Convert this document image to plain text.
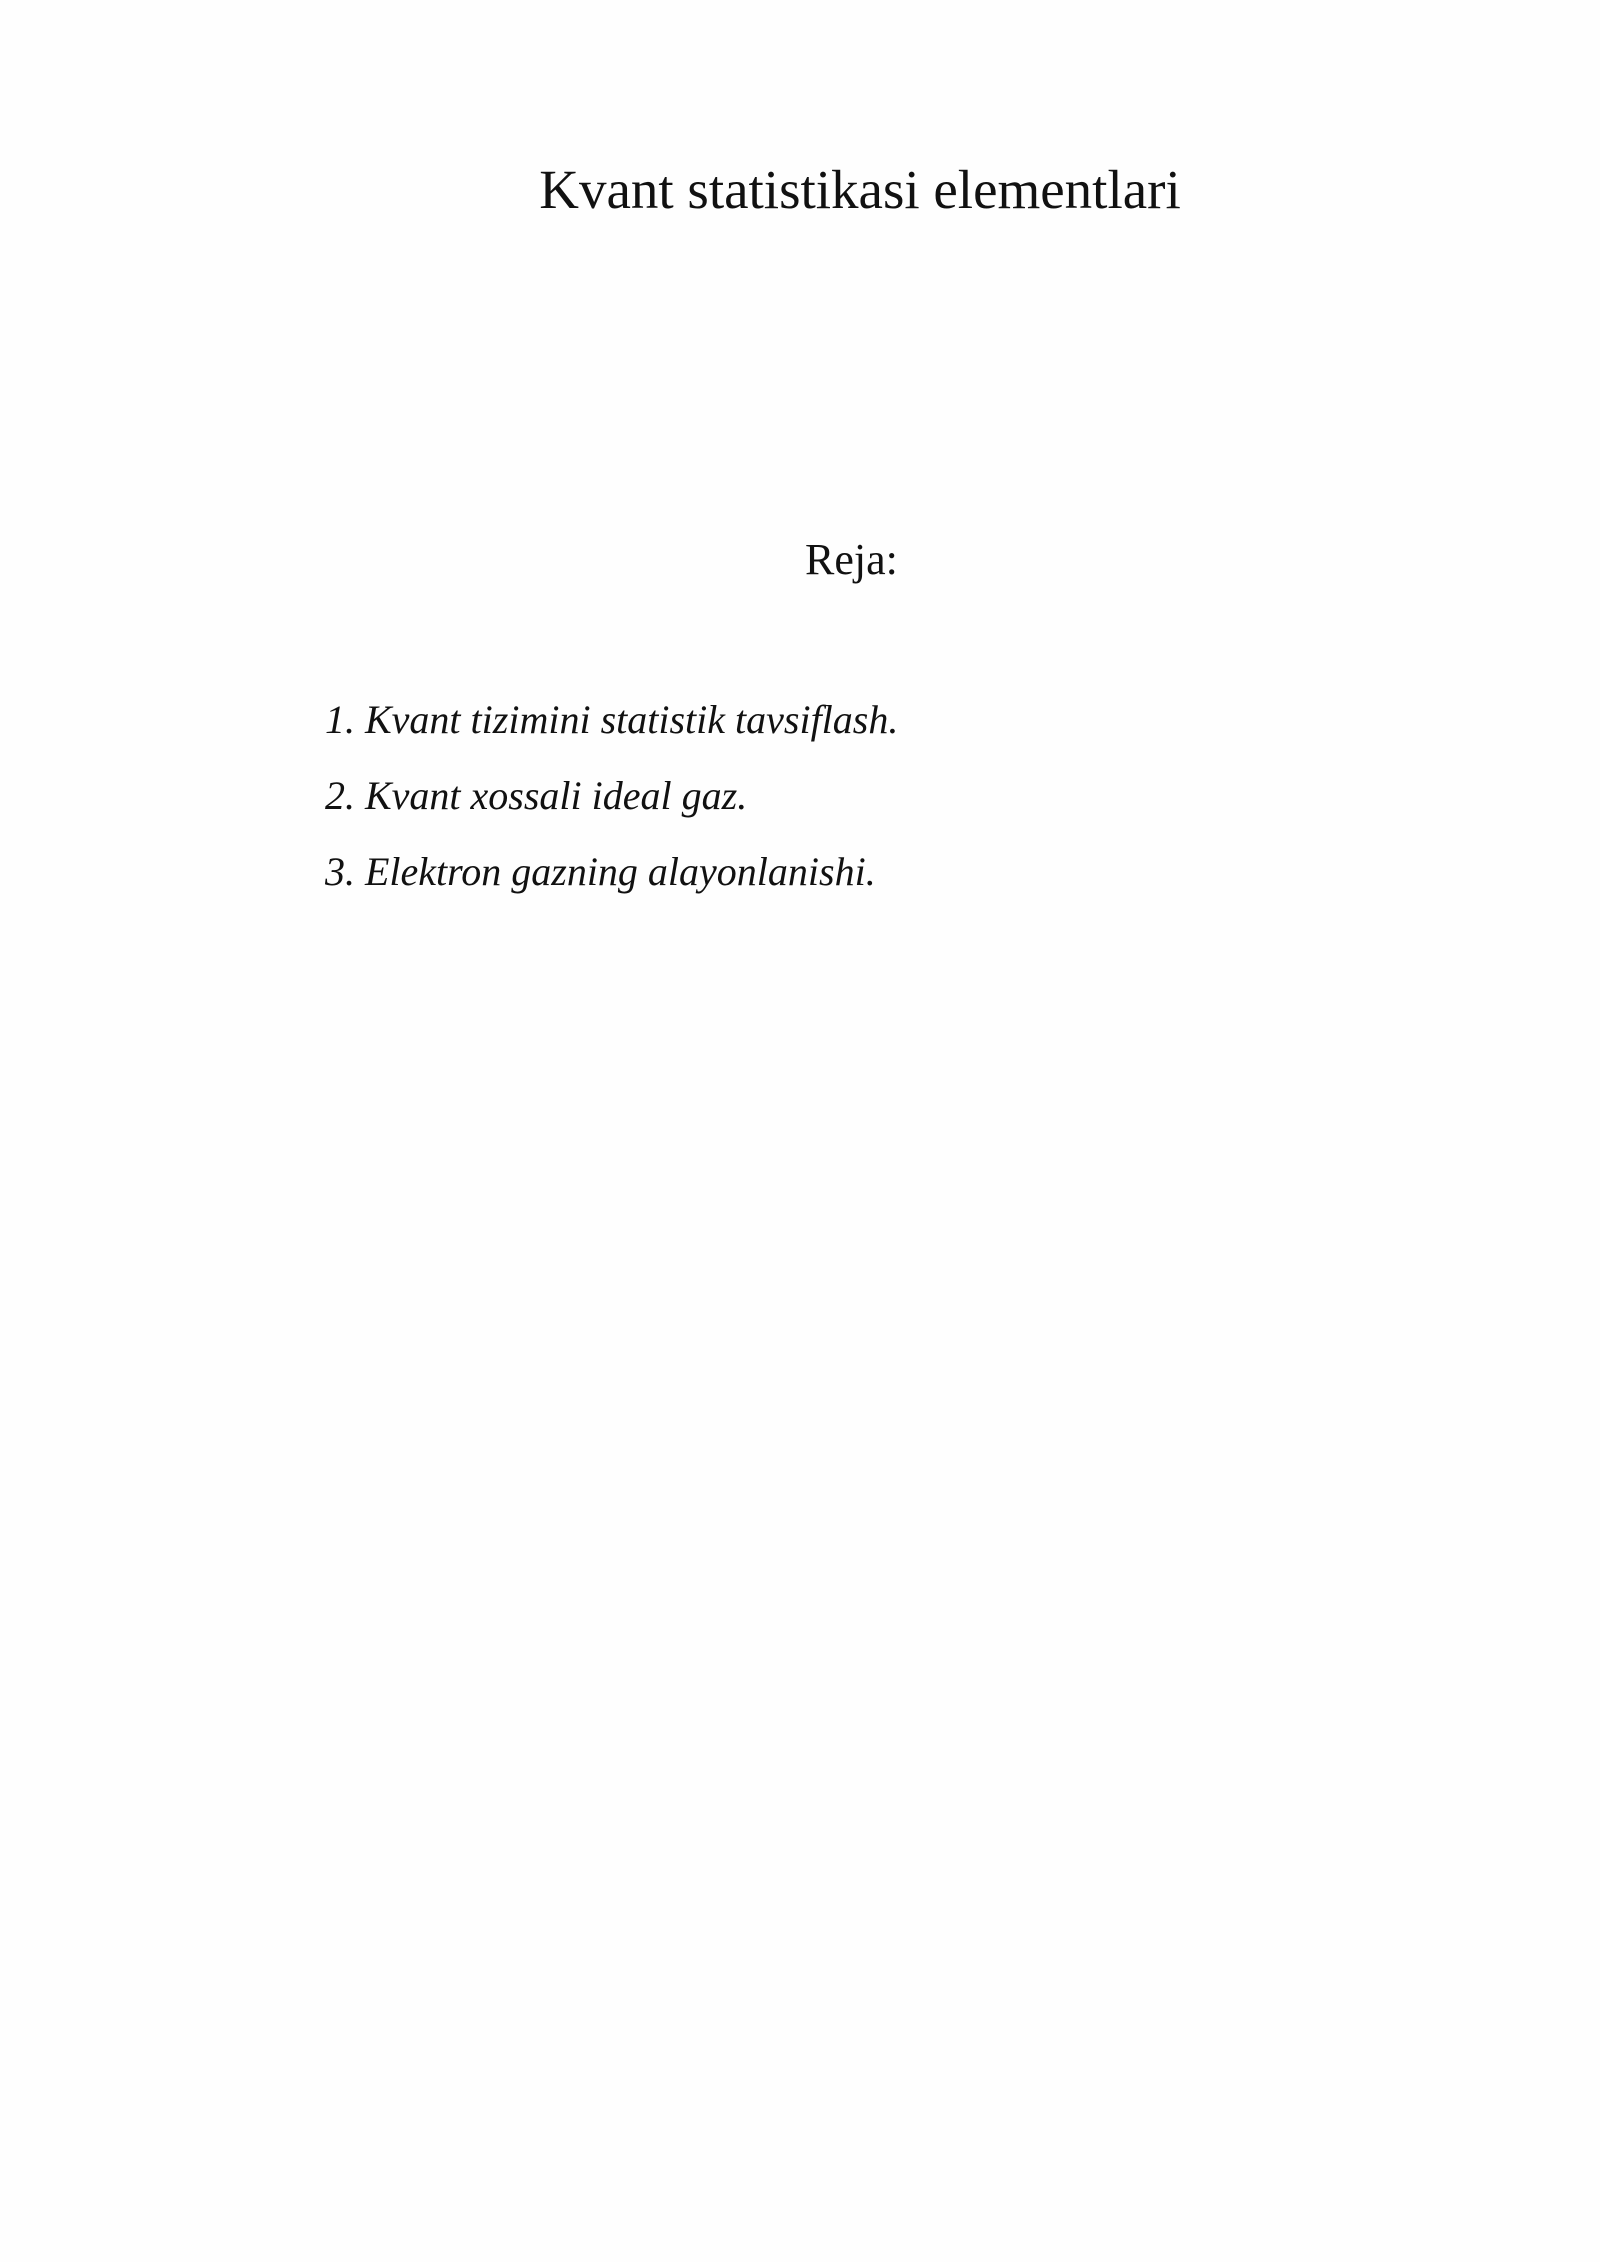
Kvant statistikasi elementlari
Reja:
1. Kvant tizimini statistik tavsiflash.
2. Kvant xossali ideal gaz.
3. Elektron gazning alayonlanishi.
